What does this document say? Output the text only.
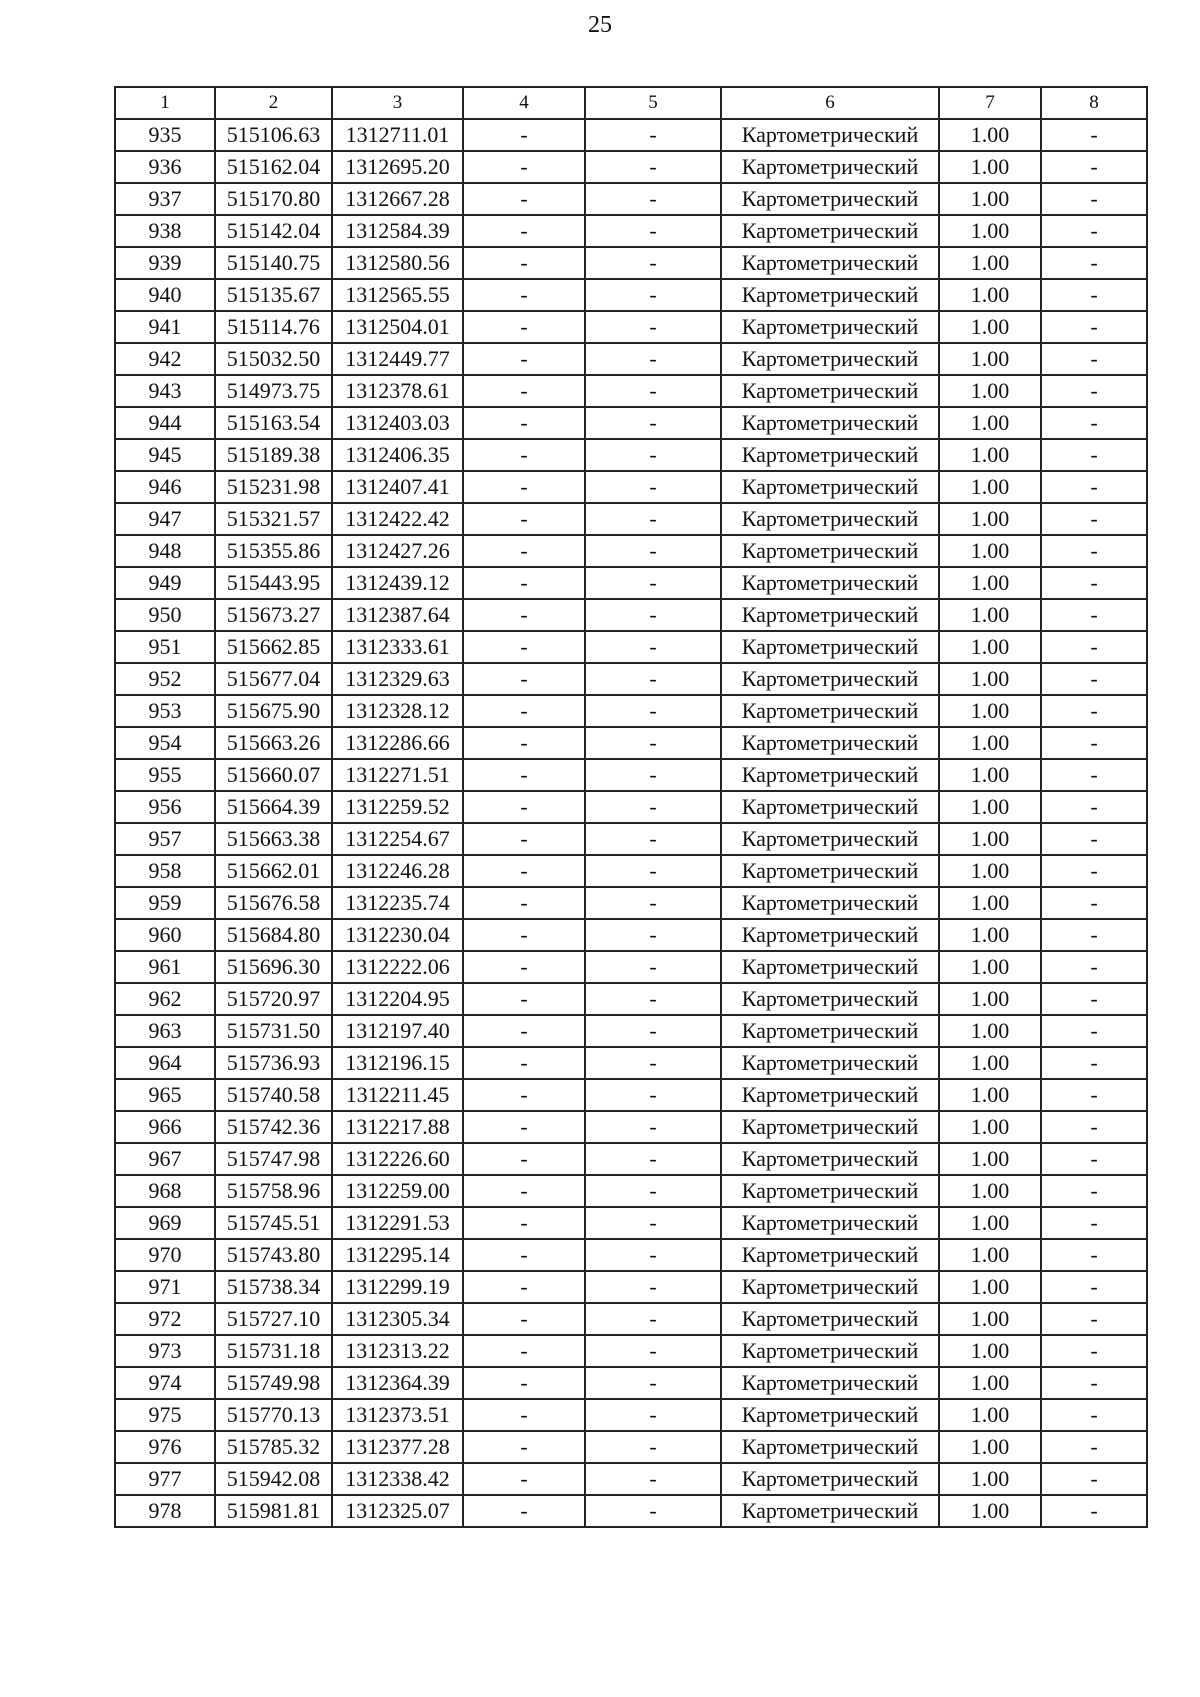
25
1	2	3	4	5	6	7	8
935	515106.63	1312711.01	-	-	Картометрический	1.00	-
936	515162.04	1312695.20	-	-	Картометрический	1.00	-
937	515170.80	1312667.28	-	-	Картометрический	1.00	-
938	515142.04	1312584.39	-	-	Картометрический	1.00	-
939	515140.75	1312580.56	-	-	Картометрический	1.00	-
940	515135.67	1312565.55	-	-	Картометрический	1.00	-
941	515114.76	1312504.01	-	-	Картометрический	1.00	-
942	515032.50	1312449.77	-	-	Картометрический	1.00	-
943	514973.75	1312378.61	-	-	Картометрический	1.00	-
944	515163.54	1312403.03	-	-	Картометрический	1.00	-
945	515189.38	1312406.35	-	-	Картометрический	1.00	-
946	515231.98	1312407.41	-	-	Картометрический	1.00	-
947	515321.57	1312422.42	-	-	Картометрический	1.00	-
948	515355.86	1312427.26	-	-	Картометрический	1.00	-
949	515443.95	1312439.12	-	-	Картометрический	1.00	-
950	515673.27	1312387.64	-	-	Картометрический	1.00	-
951	515662.85	1312333.61	-	-	Картометрический	1.00	-
952	515677.04	1312329.63	-	-	Картометрический	1.00	-
953	515675.90	1312328.12	-	-	Картометрический	1.00	-
954	515663.26	1312286.66	-	-	Картометрический	1.00	-
955	515660.07	1312271.51	-	-	Картометрический	1.00	-
956	515664.39	1312259.52	-	-	Картометрический	1.00	-
957	515663.38	1312254.67	-	-	Картометрический	1.00	-
958	515662.01	1312246.28	-	-	Картометрический	1.00	-
959	515676.58	1312235.74	-	-	Картометрический	1.00	-
960	515684.80	1312230.04	-	-	Картометрический	1.00	-
961	515696.30	1312222.06	-	-	Картометрический	1.00	-
962	515720.97	1312204.95	-	-	Картометрический	1.00	-
963	515731.50	1312197.40	-	-	Картометрический	1.00	-
964	515736.93	1312196.15	-	-	Картометрический	1.00	-
965	515740.58	1312211.45	-	-	Картометрический	1.00	-
966	515742.36	1312217.88	-	-	Картометрический	1.00	-
967	515747.98	1312226.60	-	-	Картометрический	1.00	-
968	515758.96	1312259.00	-	-	Картометрический	1.00	-
969	515745.51	1312291.53	-	-	Картометрический	1.00	-
970	515743.80	1312295.14	-	-	Картометрический	1.00	-
971	515738.34	1312299.19	-	-	Картометрический	1.00	-
972	515727.10	1312305.34	-	-	Картометрический	1.00	-
973	515731.18	1312313.22	-	-	Картометрический	1.00	-
974	515749.98	1312364.39	-	-	Картометрический	1.00	-
975	515770.13	1312373.51	-	-	Картометрический	1.00	-
976	515785.32	1312377.28	-	-	Картометрический	1.00	-
977	515942.08	1312338.42	-	-	Картометрический	1.00	-
978	515981.81	1312325.07	-	-	Картометрический	1.00	-
